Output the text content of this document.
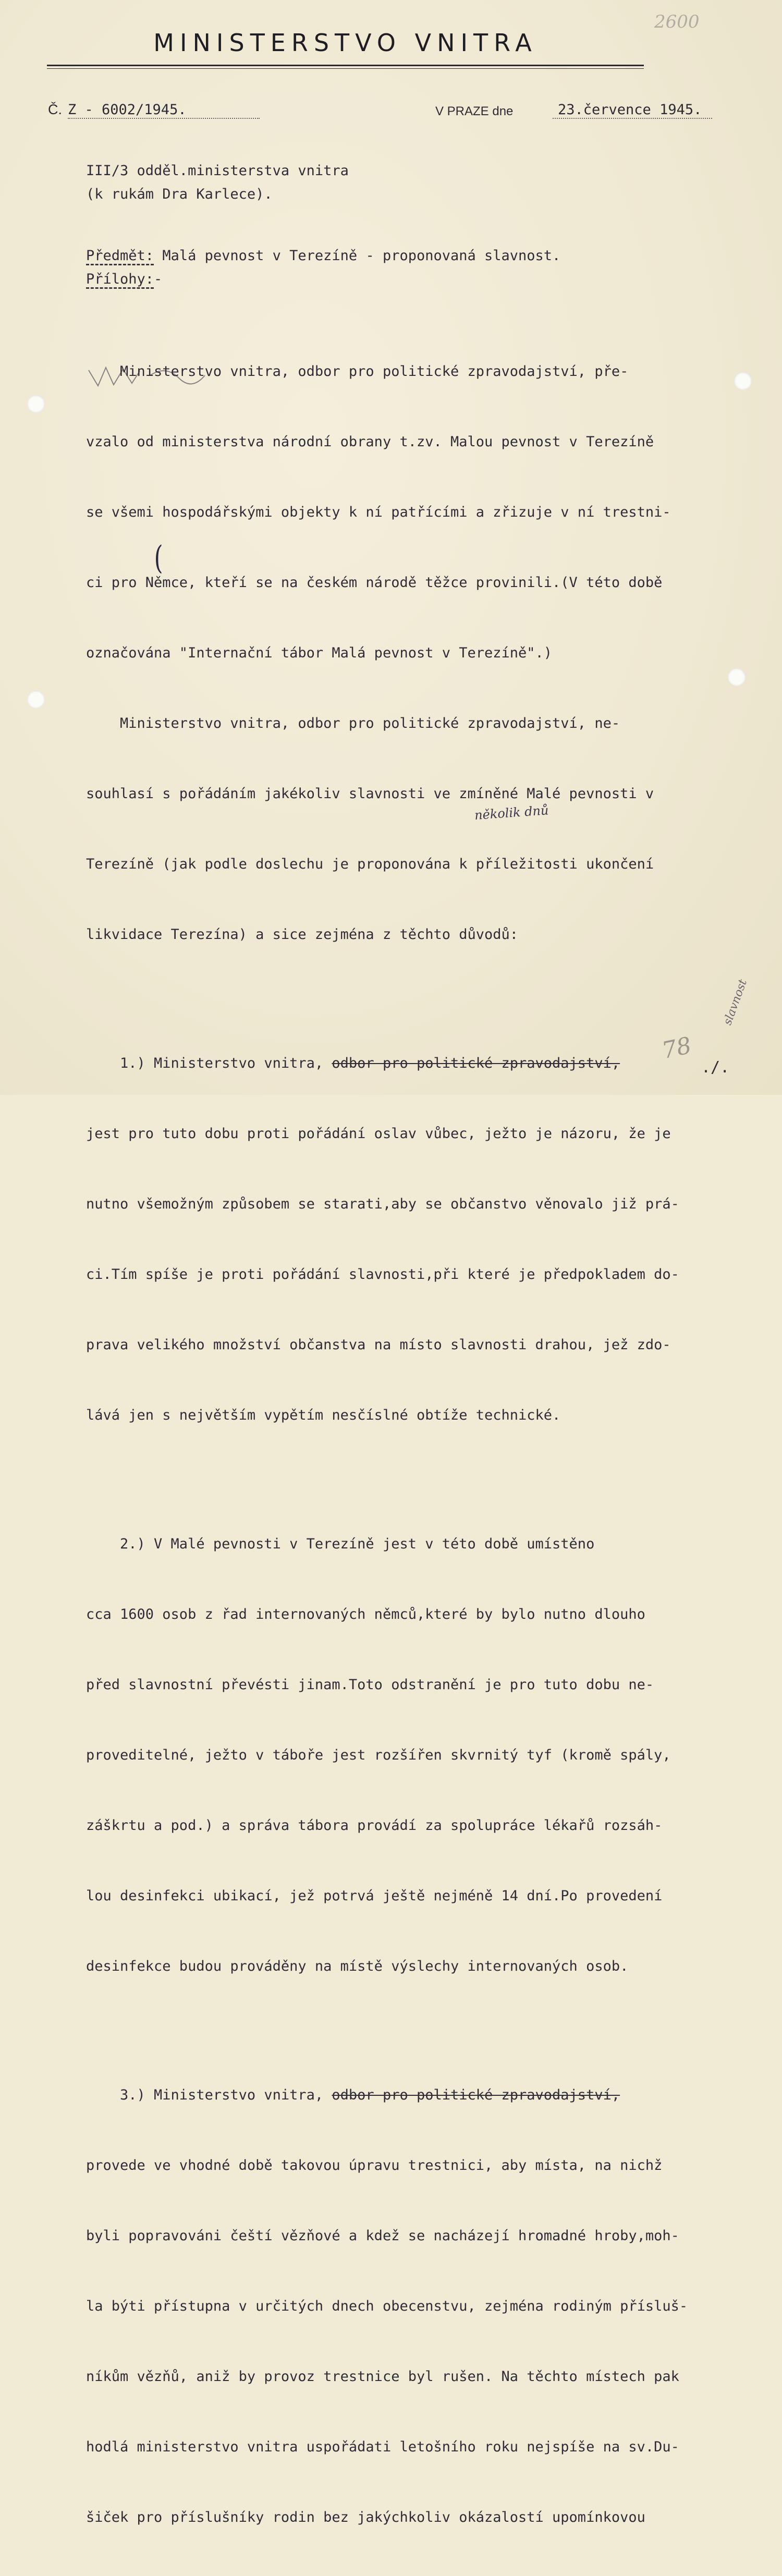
MINISTERSTVO VNITRA
2600
Č. Z - 6002/1945.	V PRAZE dne	23.července 1945.
III/3 odděl.ministerstva vnitra
(k rukám Dra Karlece).
Předmět: Malá pevnost v Terezíně - proponovaná slavnost.
Přílohy:-

Ministerstvo vnitra, odbor pro politické zpravodajství, pře-

vzalo od ministerstva národní obrany t.zv. Malou pevnost v Terezíně

se všemi hospodářskými objekty k ní patřícími a zřizuje v ní trestni-

ci pro Němce, kteří se na českém národě těžce provinili.(V této době

označována "Internační tábor Malá pevnost v Terezíně".)

Ministerstvo vnitra, odbor pro politické zpravodajství, ne-

souhlasí s pořádáním jakékoliv slavnosti ve zmíněné Malé pevnosti v

Terezíně (jak podle doslechu je proponována k příležitosti ukončení

likvidace Terezína) a sice zejména z těchto důvodů:

1.) Ministerstvo vnitra, odbor pro politické zpravodajství,

jest pro tuto dobu proti pořádání oslav vůbec, ježto je názoru, že je

nutno všemožným způsobem se starati,aby se občanstvo věnovalo již prá-

ci.Tím spíše je proti pořádání slavnosti,při které je předpokladem do-

prava velikého množství občanstva na místo slavnosti drahou, jež zdo-

lává jen s největším vypětím nesčíslné obtíže technické.

2.) V Malé pevnosti v Terezíně jest v této době umístěno

cca 1600 osob z řad internovaných němců,které by bylo nutno dlouho

před slavnostní převésti jinam.Toto odstranění je pro tuto dobu ne-

proveditelné, ježto v táboře jest rozšířen skvrnitý tyf (kromě spály,

záškrtu a pod.) a správa tábora provádí za spolupráce lékařů rozsáh-

lou desinfekci ubikací, jež potrvá ještě nejméně 14 dní.Po provedení

desinfekce budou prováděny na místě výslechy internovaných osob.

3.) Ministerstvo vnitra, odbor pro politické zpravodajství,

provede ve vhodné době takovou úpravu trestnici, aby místa, na nichž

byli popravováni čeští vězňové a kdež se nacházejí hromadné hroby,moh-

la býti přístupna v určitých dnech obecenstvu, zejména rodiným přísluš-

níkům vězňů, aniž by provoz trestnice byl rušen. Na těchto místech pak

hodlá ministerstvo vnitra uspořádati letošního roku nejspíše na sv.Du-

šiček pro příslušníky rodin bez jakýchkoliv okázalostí upomínkovou

(
několik dnů
slavnost
78
./.
